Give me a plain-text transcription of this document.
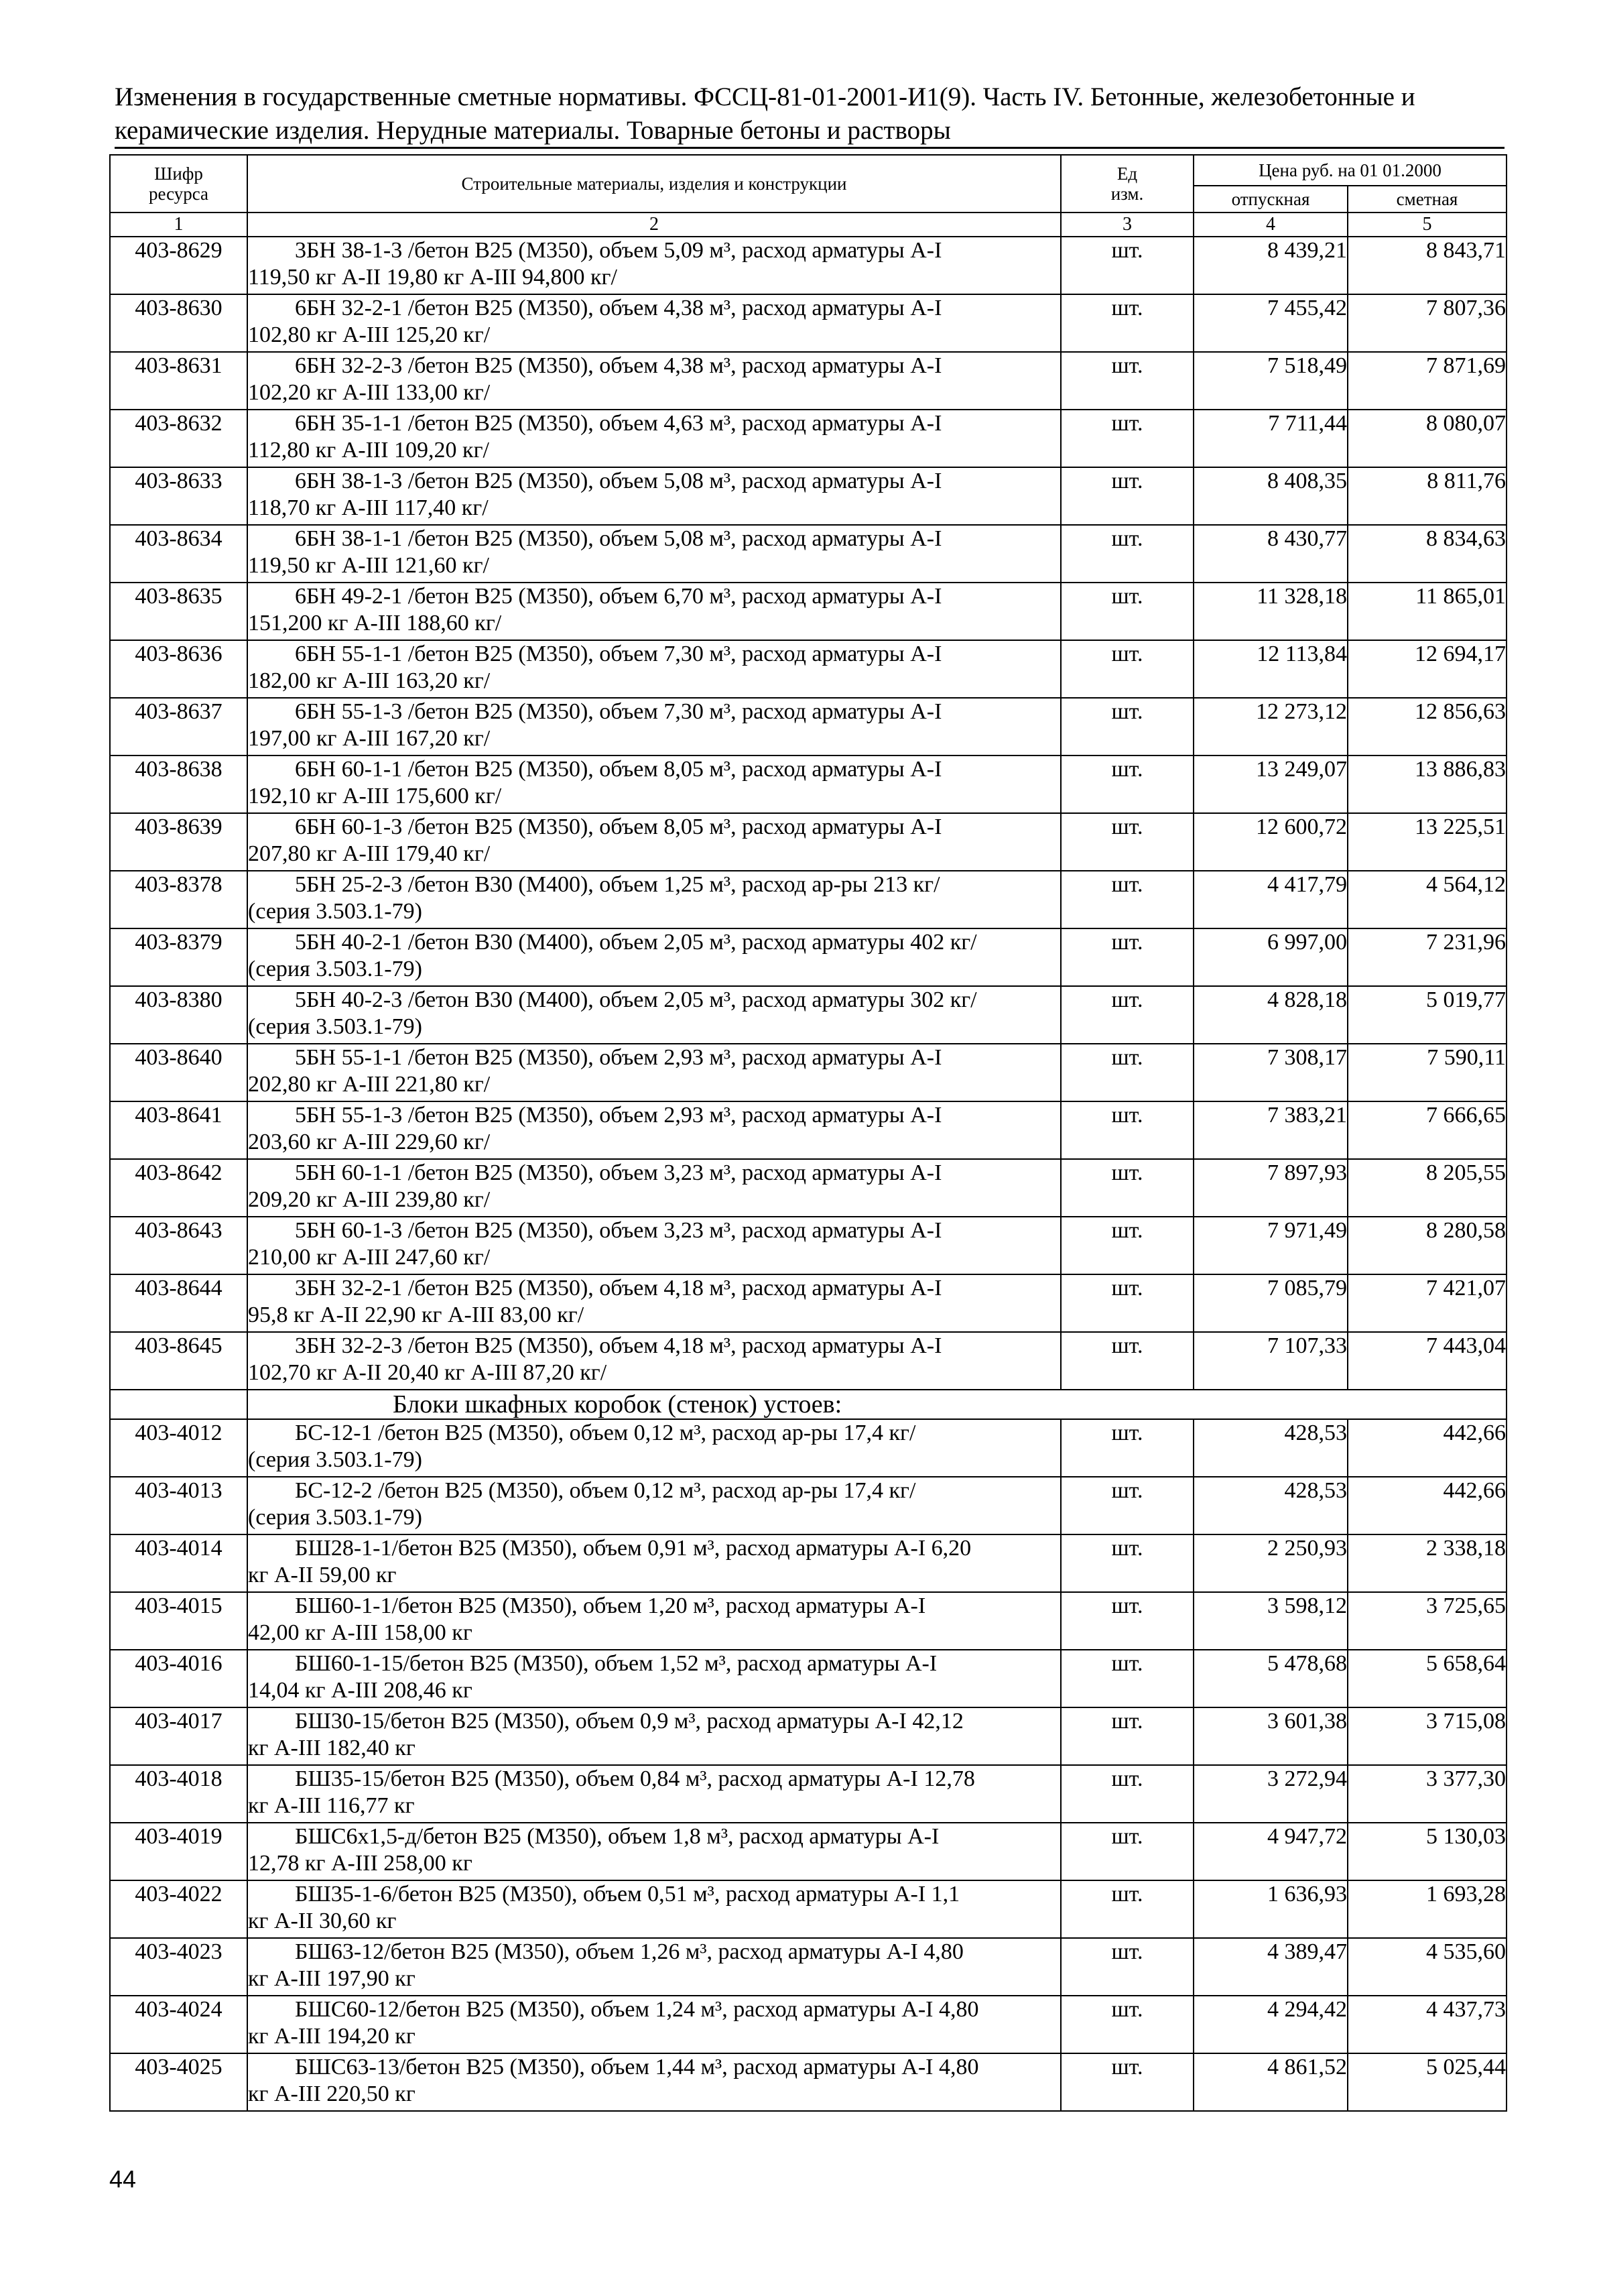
Изменения в государственные сметные нормативы. ФССЦ-81-01-2001-И1(9). Часть IV. Бетонные, железобетонные и
керамические изделия. Нерудные материалы. Товарные бетоны и растворы
Шифр
ресурса	Строительные материалы, изделия и конструкции	Ед
изм.	Цена руб. на 01 01.2000	
			отпускная	сметная
1	2	3	4	5
403-8629	3БН 38-1-3 /бетон В25 (М350), объем 5,09 м³, расход арматуры А-I
119,50 кг А-II 19,80 кг А-III 94,800 кг/	шт.	8 439,21	8 843,71
403-8630	6БН 32-2-1 /бетон В25 (М350), объем 4,38 м³, расход арматуры А-I
102,80 кг А-III 125,20 кг/	шт.	7 455,42	7 807,36
403-8631	6БН 32-2-3 /бетон В25 (М350), объем 4,38 м³, расход арматуры А-I
102,20 кг А-III 133,00 кг/	шт.	7 518,49	7 871,69
403-8632	6БН 35-1-1 /бетон В25 (М350), объем 4,63 м³, расход арматуры А-I
112,80 кг А-III 109,20 кг/	шт.	7 711,44	8 080,07
403-8633	6БН 38-1-3 /бетон В25 (М350), объем 5,08 м³, расход арматуры А-I
118,70 кг А-III 117,40 кг/	шт.	8 408,35	8 811,76
403-8634	6БН 38-1-1 /бетон В25 (М350), объем 5,08 м³, расход арматуры А-I
119,50 кг А-III 121,60 кг/	шт.	8 430,77	8 834,63
403-8635	6БН 49-2-1 /бетон В25 (М350), объем 6,70 м³, расход арматуры А-I
151,200 кг А-III 188,60 кг/	шт.	11 328,18	11 865,01
403-8636	6БН 55-1-1 /бетон В25 (М350), объем 7,30 м³, расход арматуры А-I
182,00 кг А-III 163,20 кг/	шт.	12 113,84	12 694,17
403-8637	6БН 55-1-3 /бетон В25 (М350), объем 7,30 м³, расход арматуры А-I
197,00 кг А-III 167,20 кг/	шт.	12 273,12	12 856,63
403-8638	6БН 60-1-1 /бетон В25 (М350), объем 8,05 м³, расход арматуры А-I
192,10 кг А-III 175,600 кг/	шт.	13 249,07	13 886,83
403-8639	6БН 60-1-3 /бетон В25 (М350), объем 8,05 м³, расход арматуры А-I
207,80 кг А-III 179,40 кг/	шт.	12 600,72	13 225,51
403-8378	5БН 25-2-3 /бетон В30 (М400), объем 1,25 м³, расход ар-ры 213 кг/
(серия 3.503.1-79)	шт.	4 417,79	4 564,12
403-8379	5БН 40-2-1 /бетон В30 (М400), объем 2,05 м³, расход арматуры 402 кг/
(серия 3.503.1-79)	шт.	6 997,00	7 231,96
403-8380	5БН 40-2-3 /бетон В30 (М400), объем 2,05 м³, расход арматуры 302 кг/
(серия 3.503.1-79)	шт.	4 828,18	5 019,77
403-8640	5БН 55-1-1 /бетон В25 (М350), объем 2,93 м³, расход арматуры А-I
202,80 кг А-III 221,80 кг/	шт.	7 308,17	7 590,11
403-8641	5БН 55-1-3 /бетон В25 (М350), объем 2,93 м³, расход арматуры А-I
203,60 кг А-III 229,60 кг/	шт.	7 383,21	7 666,65
403-8642	5БН 60-1-1 /бетон В25 (М350), объем 3,23 м³, расход арматуры А-I
209,20 кг А-III 239,80 кг/	шт.	7 897,93	8 205,55
403-8643	5БН 60-1-3 /бетон В25 (М350), объем 3,23 м³, расход арматуры А-I
210,00 кг А-III 247,60 кг/	шт.	7 971,49	8 280,58
403-8644	3БН 32-2-1 /бетон В25 (М350), объем 4,18 м³, расход арматуры А-I
95,8 кг А-II 22,90 кг А-III 83,00 кг/	шт.	7 085,79	7 421,07
403-8645	3БН 32-2-3 /бетон В25 (М350), объем 4,18 м³, расход арматуры А-I
102,70 кг А-II 20,40 кг А-III 87,20 кг/	шт.	7 107,33	7 443,04
	Блоки шкафных коробок (стенок) устоев:			
403-4012	БС-12-1 /бетон В25 (М350), объем 0,12 м³, расход ар-ры 17,4 кг/
(серия 3.503.1-79)	шт.	428,53	442,66
403-4013	БС-12-2 /бетон В25 (М350), объем 0,12 м³, расход ар-ры 17,4 кг/
(серия 3.503.1-79)	шт.	428,53	442,66
403-4014	БШ28-1-1/бетон В25 (М350), объем 0,91 м³, расход арматуры А-I 6,20
кг А-II 59,00 кг	шт.	2 250,93	2 338,18
403-4015	БШ60-1-1/бетон В25 (М350), объем 1,20 м³, расход арматуры А-I
42,00 кг А-III 158,00 кг	шт.	3 598,12	3 725,65
403-4016	БШ60-1-15/бетон В25 (М350), объем 1,52 м³, расход арматуры А-I
14,04 кг А-III 208,46 кг	шт.	5 478,68	5 658,64
403-4017	БШ30-15/бетон В25 (М350), объем 0,9 м³, расход арматуры А-I 42,12
кг А-III 182,40 кг	шт.	3 601,38	3 715,08
403-4018	БШ35-15/бетон В25 (М350), объем 0,84 м³, расход арматуры А-I 12,78
кг А-III 116,77 кг	шт.	3 272,94	3 377,30
403-4019	БШС6х1,5-д/бетон В25 (М350), объем 1,8 м³, расход арматуры А-I
12,78 кг А-III 258,00 кг	шт.	4 947,72	5 130,03
403-4022	БШ35-1-6/бетон В25 (М350), объем 0,51 м³, расход арматуры А-I 1,1
кг А-II 30,60 кг	шт.	1 636,93	1 693,28
403-4023	БШ63-12/бетон В25 (М350), объем 1,26 м³, расход арматуры А-I 4,80
кг А-III 197,90 кг	шт.	4 389,47	4 535,60
403-4024	БШС60-12/бетон В25 (М350), объем 1,24 м³, расход арматуры А-I 4,80
кг А-III 194,20 кг	шт.	4 294,42	4 437,73
403-4025	БШС63-13/бетон В25 (М350), объем 1,44 м³, расход арматуры А-I 4,80
кг А-III 220,50 кг	шт.	4 861,52	5 025,44
44
